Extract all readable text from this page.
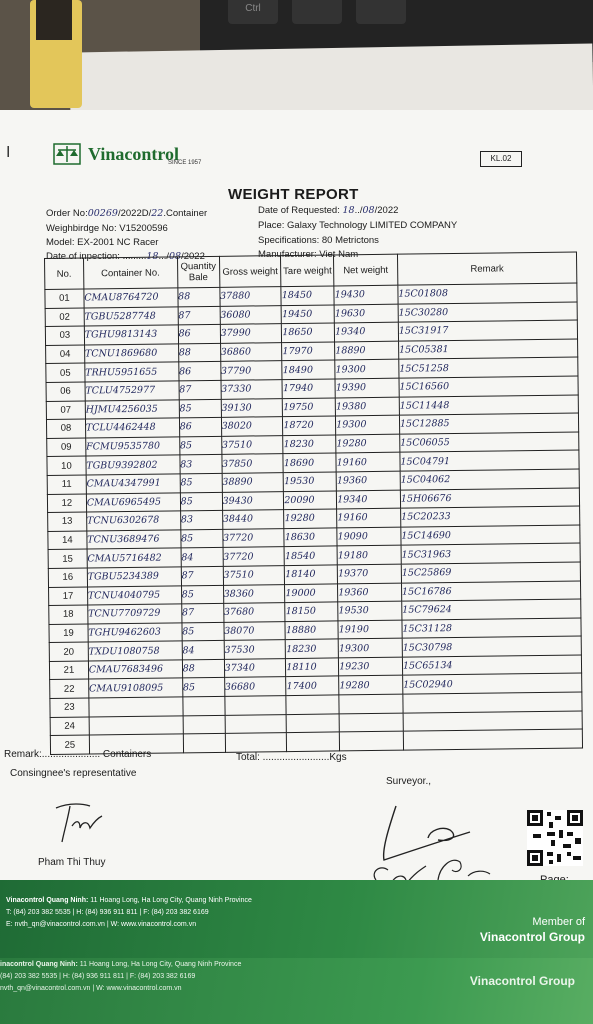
Ctrl
I	Vinacontrol
SINCE 1957	KL.02
WEIGHT REPORT
Order No:00269/2022D/22.Container
Weighbirdge No: V15200596
Model: EX-2001 NC Racer
Date of inpection: .........18.../08/2022
Date of Requested: 18../08/2022
Place: Galaxy Technology LIMITED COMPANY
Specifications: 80 Metrictons
Manufacturer: Viet Nam
No.	Container No.	Quantity Bale	Gross weight	Tare weight	Net weight	Remark
01	CMAU8764720	88	37880	18450	19430	15C01808
02	TGBU5287748	87	36080	19450	19630	15C30280
03	TGHU9813143	86	37990	18650	19340	15C31917
04	TCNU1869680	88	36860	17970	18890	15C05381
05	TRHU5951655	86	37790	18490	19300	15C51258
06	TCLU4752977	87	37330	17940	19390	15C16560
07	HJMU4256035	85	39130	19750	19380	15C11448
08	TCLU4462448	86	38020	18720	19300	15C12885
09	FCMU9535780	85	37510	18230	19280	15C06055
10	TGBU9392802	83	37850	18690	19160	15C04791
11	CMAU4347991	85	38890	19530	19360	15C04062
12	CMAU6965495	85	39430	20090	19340	15H06676
13	TCNU6302678	83	38440	19280	19160	15C20233
14	TCNU3689476	85	37720	18630	19090	15C14690
15	CMAU5716482	84	37720	18540	19180	15C31963
16	TGBU5234389	87	37510	18140	19370	15C25869
17	TCNU4040795	85	38360	19000	19360	15C16786
18	TCNU7709729	87	37680	18150	19530	15C79624
19	TGHU9462603	85	38070	18880	19190	15C31128
20	TXDU1080758	84	37530	18230	19300	15C30798
21	CMAU7683496	88	37340	18110	19230	15C65134
22	CMAU9108095	85	36680	17400	19280	15C02940
23						
24						
25						
Remark:..................... Containers	Total: ........................Kgs
Consingnee's representative
Surveyor.,
Pham Thi Thuy
Vinacontrol Quang Ninh: 11 Hoang Long, Ha Long City, Quang Ninh Province
T: (84) 203 382 5535 | H: (84) 936 911 811 | F: (84) 203 382 6169
E: nvth_qn@vinacontrol.com.vn | W: www.vinacontrol.com.vn	Member of
Vinacontrol Group
inacontrol Quang Ninh: 11 Hoang Long, Ha Long City, Quang Ninh Province
(84) 203 382 5535 | H: (84) 936 911 811 | F: (84) 203 382 6169
nvth_qn@vinacontrol.com.vn | W: www.vinacontrol.com.vn
Vinacontrol Group
